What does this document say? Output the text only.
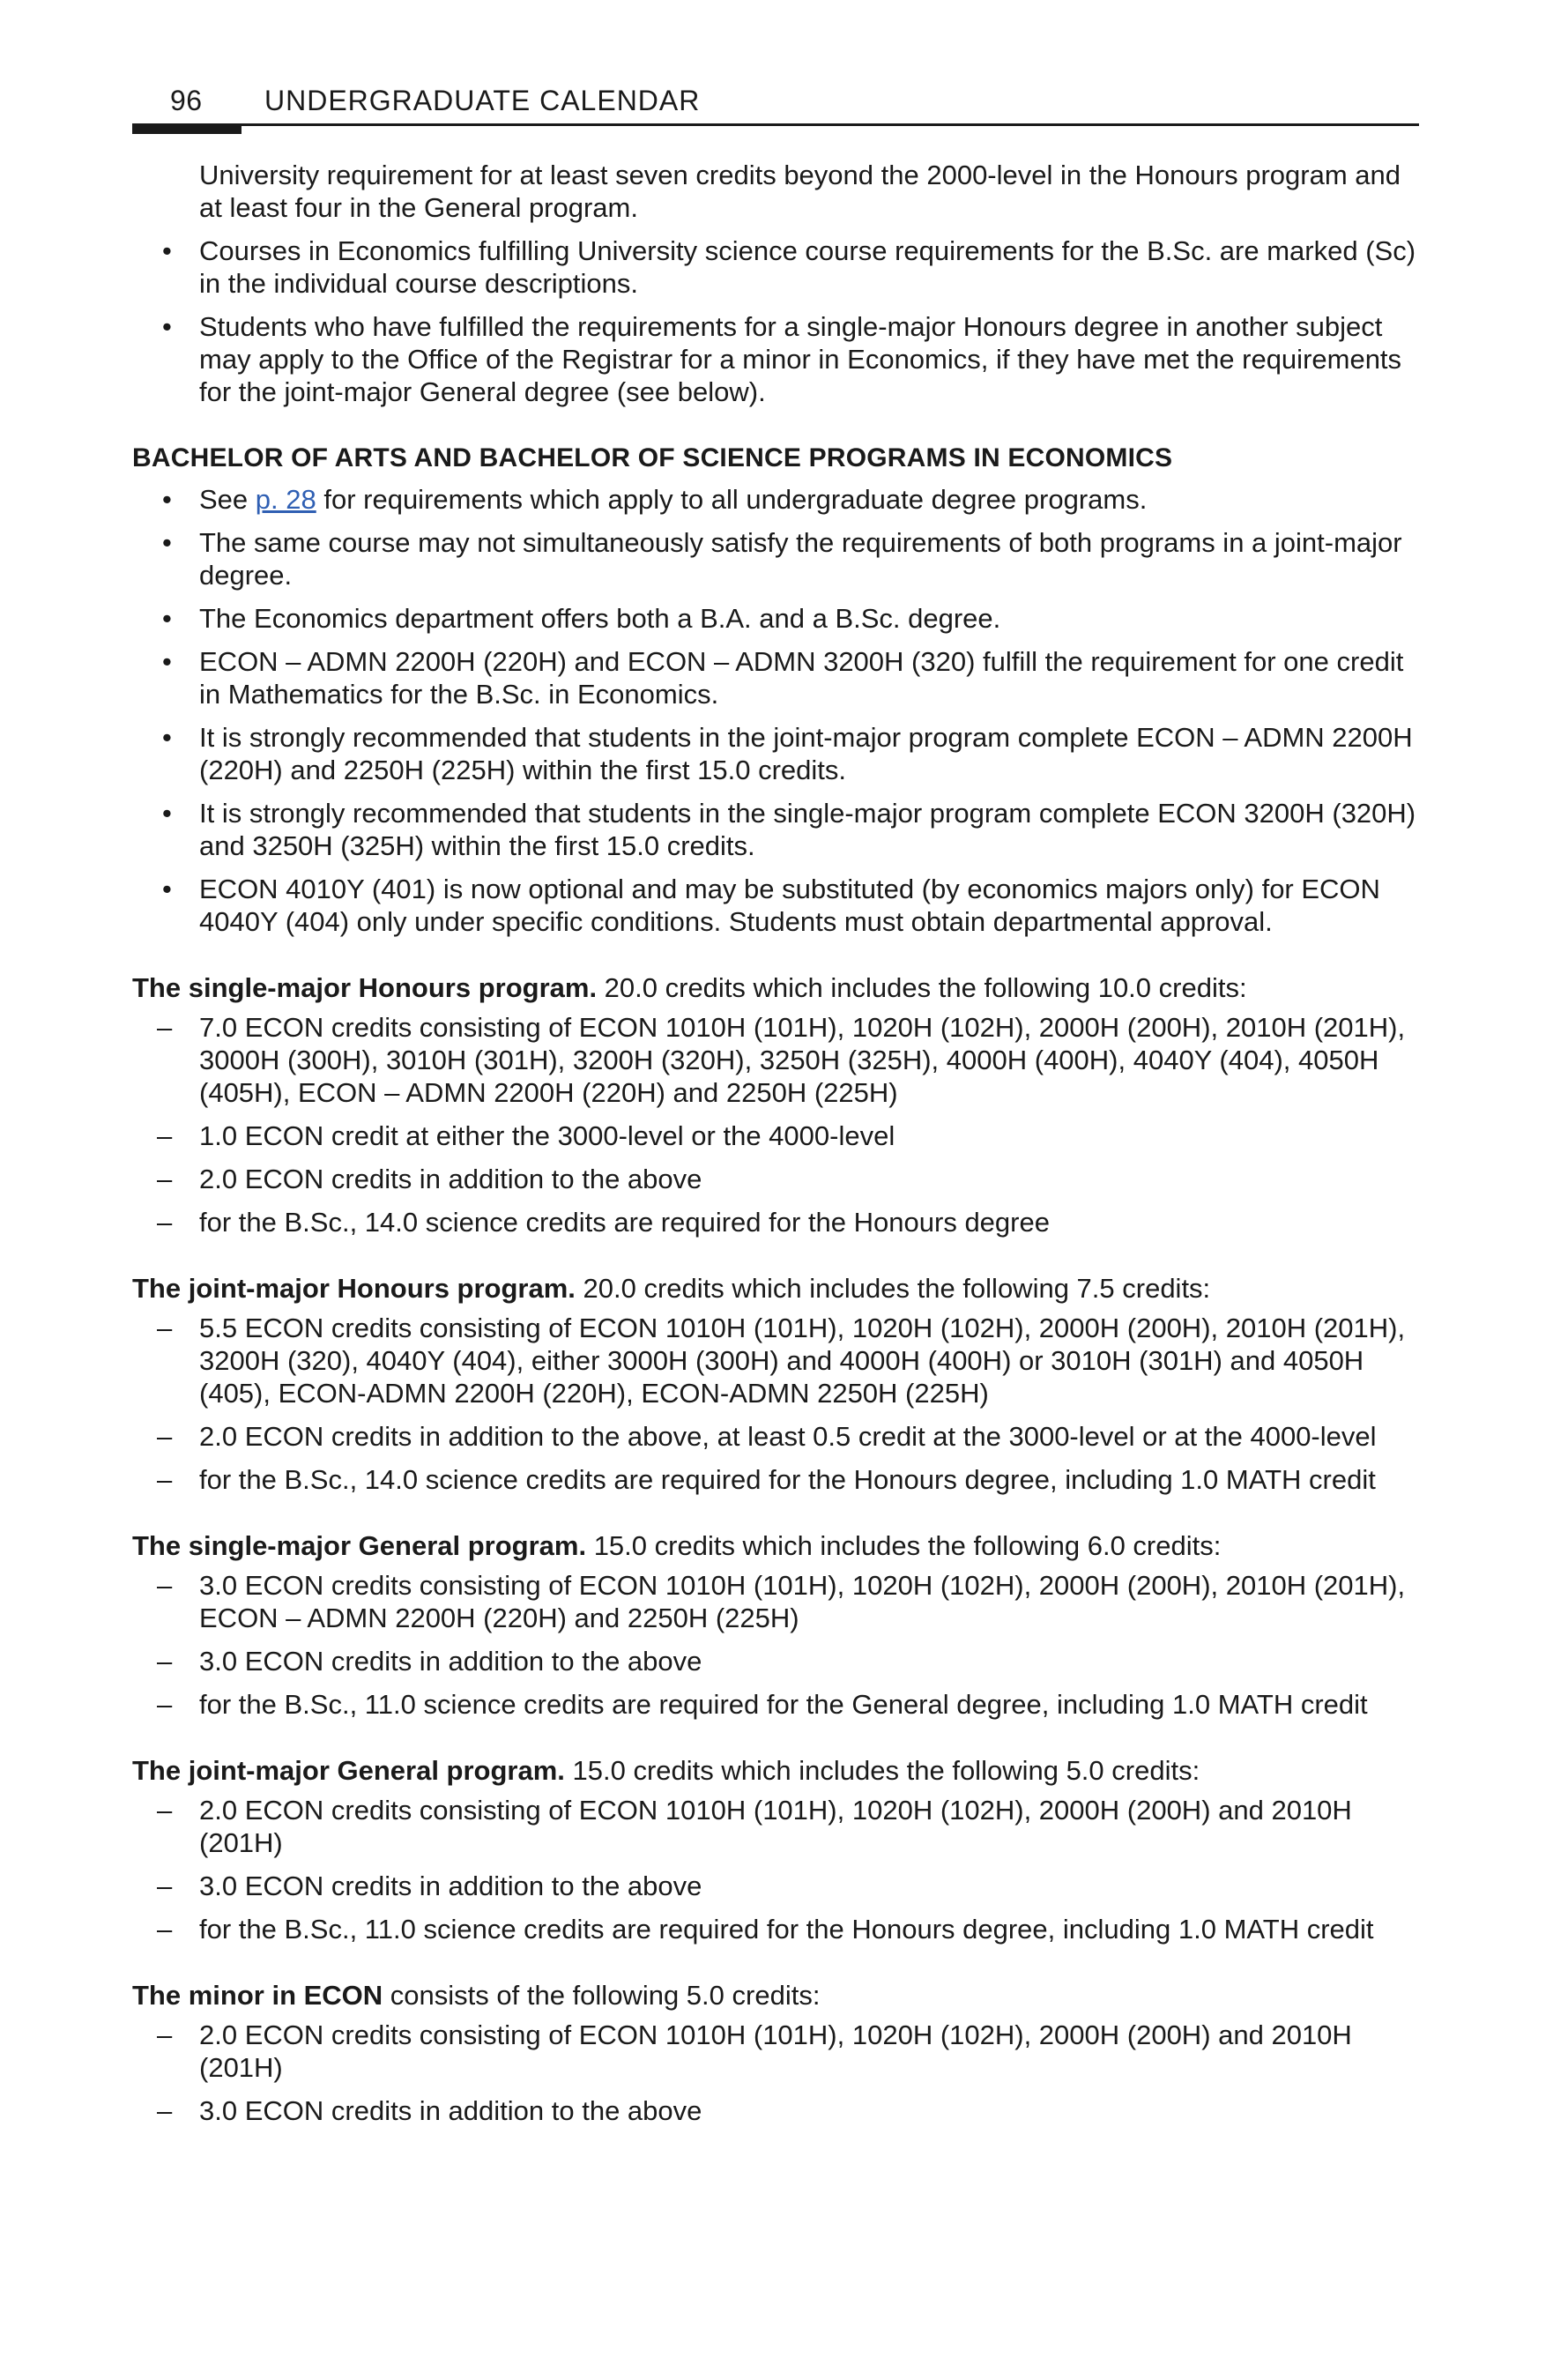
96 UNDERGRADUATE CALENDAR

University requirement for at least seven credits beyond the 2000-level in the Honours program and at least four in the General program.

• Courses in Economics fulfilling University science course requirements for the B.Sc. are marked (Sc) in the individual course descriptions.
• Students who have fulfilled the requirements for a single-major Honours degree in another subject may apply to the Office of the Registrar for a minor in Economics, if they have met the requirements for the joint-major General degree (see below).
BACHELOR OF ARTS AND BACHELOR OF SCIENCE PROGRAMS IN ECONOMICS
• See p. 28 for requirements which apply to all undergraduate degree programs.
• The same course may not simultaneously satisfy the requirements of both programs in a joint-major degree.
• The Economics department offers both a B.A. and a B.Sc. degree.
• ECON – ADMN 2200H (220H) and ECON – ADMN 3200H (320) fulfill the requirement for one credit in Mathematics for the B.Sc. in Economics.
• It is strongly recommended that students in the joint-major program complete ECON – ADMN 2200H (220H) and 2250H (225H) within the first 15.0 credits.
• It is strongly recommended that students in the single-major program complete ECON 3200H (320H) and 3250H (325H) within the first 15.0 credits.
• ECON 4010Y (401) is now optional and may be substituted (by economics majors only) for ECON 4040Y (404) only under specific conditions. Students must obtain departmental approval.
The single-major Honours program. 20.0 credits which includes the following 10.0 credits:
– 7.0 ECON credits consisting of ECON 1010H (101H), 1020H (102H), 2000H (200H), 2010H (201H), 3000H (300H), 3010H (301H), 3200H (320H), 3250H (325H), 4000H (400H), 4040Y (404), 4050H (405H), ECON – ADMN 2200H (220H) and 2250H (225H)
– 1.0 ECON credit at either the 3000-level or the 4000-level
– 2.0 ECON credits in addition to the above
– for the B.Sc., 14.0 science credits are required for the Honours degree
The joint-major Honours program. 20.0 credits which includes the following 7.5 credits:
– 5.5 ECON credits consisting of ECON 1010H (101H), 1020H (102H), 2000H (200H), 2010H (201H), 3200H (320), 4040Y (404), either 3000H (300H) and 4000H (400H) or 3010H (301H) and 4050H (405), ECON-ADMN 2200H (220H), ECON-ADMN 2250H (225H)
– 2.0 ECON credits in addition to the above, at least 0.5 credit at the 3000-level or at the 4000-level
– for the B.Sc., 14.0 science credits are required for the Honours degree, including 1.0 MATH credit
The single-major General program. 15.0 credits which includes the following 6.0 credits:
– 3.0 ECON credits consisting of ECON 1010H (101H), 1020H (102H), 2000H (200H), 2010H (201H), ECON – ADMN 2200H (220H) and 2250H (225H)
– 3.0 ECON credits in addition to the above
– for the B.Sc., 11.0 science credits are required for the General degree, including 1.0 MATH credit
The joint-major General program. 15.0 credits which includes the following 5.0 credits:
– 2.0 ECON credits consisting of ECON 1010H (101H), 1020H (102H), 2000H (200H) and 2010H (201H)
– 3.0 ECON credits in addition to the above
– for the B.Sc., 11.0 science credits are required for the Honours degree, including 1.0 MATH credit
The minor in ECON consists of the following 5.0 credits:
– 2.0 ECON credits consisting of ECON 1010H (101H), 1020H (102H), 2000H (200H) and 2010H (201H)
– 3.0 ECON credits in addition to the above
